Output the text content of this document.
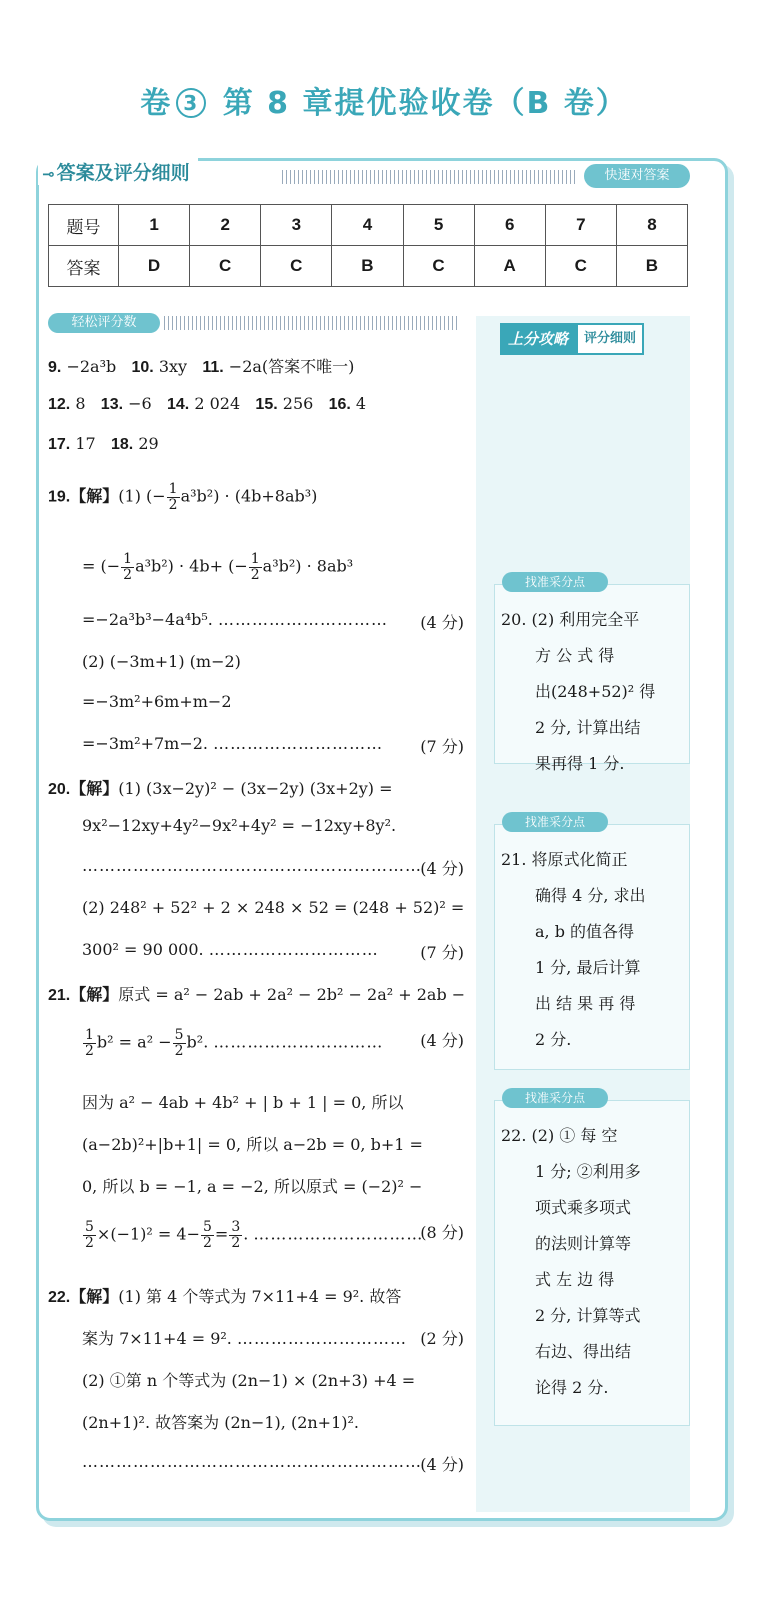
卷 3 第 8 章提优验收卷（B 卷）
⊸ 答案及评分细则	快速对答案
题号	1	2	3	4	5	6	7	8
答案	D	C	C	B	C	A	C	B
轻松评分数
9. −2a³b 10. 3xy 11. −2a(答案不唯一)
12. 8 13. −6 14. 2 024 15. 256 16. 4
17. 17 18. 29
19.【解】(1) (− $\frac{1}{2} a^3b^2) \cdot (4b+8ab^3)$
= (− $\frac{1}{2} a^3b^2) \cdot 4b+$ (− $\frac{1}{2} a^3b^2) \cdot 8ab^3$
=−2a³b³−4a⁴b⁵. ………………………… (4 分)
(2) (−3m+1) (m−2)
=−3m²+6m+m−2
=−3m²+7m−2. ………………………… (7 分)
20.【解】(1) (3x−2y)² − (3x−2y) (3x+2y) =
9x²−12xy+4y²−9x²+4y² = −12xy+8y².
……………………………………………………
(4 分)
(2) 248² + 52² + 2 × 248 × 52 = (248 + 52)² =
300² = 90 000. …………………………	(7 分)
21.【解】原式 = a² − 2ab + 2a² − 2b² − 2a² + 2ab −
$\frac{1}{2} b^2 = a^2 - \frac{5}{2} b^2$. ………………………… (4 分)
因为 a² − 4ab + 4b² + | b + 1 | = 0, 所以
(a−2b)²+|b+1| = 0, 所以 a−2b = 0, b+1 =
0, 所以 b = −1, a = −2, 所以原式 = (−2)² −
$\frac{5}{2} \times(-1)^2 = 4- \frac{5}{2} = \frac{3}{2}$ . …………………………
(8 分)
22.【解】(1) 第 4 个等式为 7×11+4 = 9². 故答
案为 7×11+4 = 9². ………………………… (2 分)
(2) ①第 n 个等式为 (2n−1) × (2n+3) +4 =
(2n+1)². 故答案为 (2n−1), (2n+1)².
……………………………………………………
(4 分)
上分攻略	评分细则
20. (2) 利用完全平
方 公 式 得
出(248+52)² 得
2 分, 计算出结
果再得 1 分.
找准采分点
21. 将原式化简正
确得 4 分, 求出
a, b 的值各得
1 分, 最后计算
出 结 果 再 得
2 分.
找准采分点
22. (2) ① 每 空
1 分; ②利用多
项式乘多项式
的法则计算等
式 左 边 得
2 分, 计算等式
右边、得出结
论得 2 分.
找准采分点
